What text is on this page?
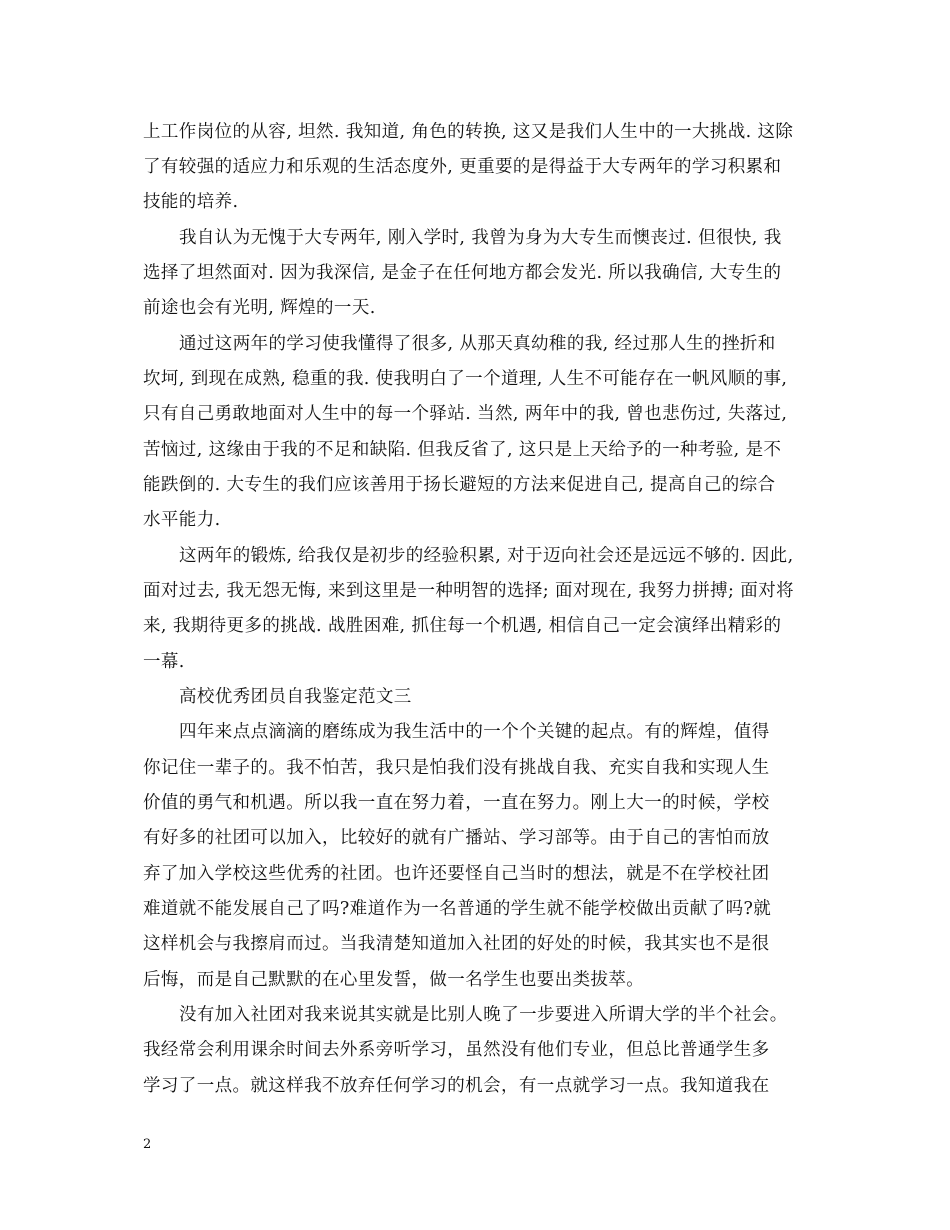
上工作岗位的从容, 坦然. 我知道, 角色的转换, 这又是我们人生中的一大挑战. 这除
了有较强的适应力和乐观的生活态度外, 更重要的是得益于大专两年的学习积累和
技能的培养.
我自认为无愧于大专两年, 刚入学时, 我曾为身为大专生而懊丧过. 但很快, 我
选择了坦然面对. 因为我深信, 是金子在任何地方都会发光. 所以我确信, 大专生的
前途也会有光明, 辉煌的一天.
通过这两年的学习使我懂得了很多, 从那天真幼稚的我, 经过那人生的挫折和
坎坷, 到现在成熟, 稳重的我. 使我明白了一个道理, 人生不可能存在一帆风顺的事,
只有自己勇敢地面对人生中的每一个驿站. 当然, 两年中的我, 曾也悲伤过, 失落过,
苦恼过, 这缘由于我的不足和缺陷. 但我反省了, 这只是上天给予的一种考验, 是不
能跌倒的. 大专生的我们应该善用于扬长避短的方法来促进自己, 提高自己的综合
水平能力.
这两年的锻炼, 给我仅是初步的经验积累, 对于迈向社会还是远远不够的. 因此,
面对过去, 我无怨无悔, 来到这里是一种明智的选择; 面对现在, 我努力拼搏; 面对将
来, 我期待更多的挑战. 战胜困难, 抓住每一个机遇, 相信自己一定会演绎出精彩的
一幕.
高校优秀团员自我鉴定范文三
四年来点点滴滴的磨练成为我生活中的一个个关键的起点。有的辉煌，值得
你记住一辈子的。我不怕苦，我只是怕我们没有挑战自我、充实自我和实现人生
价值的勇气和机遇。所以我一直在努力着，一直在努力。刚上大一的时候，学校
有好多的社团可以加入，比较好的就有广播站、学习部等。由于自己的害怕而放
弃了加入学校这些优秀的社团。也许还要怪自己当时的想法，就是不在学校社团
难道就不能发展自己了吗?难道作为一名普通的学生就不能学校做出贡献了吗?就
这样机会与我擦肩而过。当我清楚知道加入社团的好处的时候，我其实也不是很
后悔，而是自己默默的在心里发誓，做一名学生也要出类拔萃。
没有加入社团对我来说其实就是比别人晚了一步要进入所谓大学的半个社会。
我经常会利用课余时间去外系旁听学习，虽然没有他们专业，但总比普通学生多
学习了一点。就这样我不放弃任何学习的机会，有一点就学习一点。我知道我在
2
